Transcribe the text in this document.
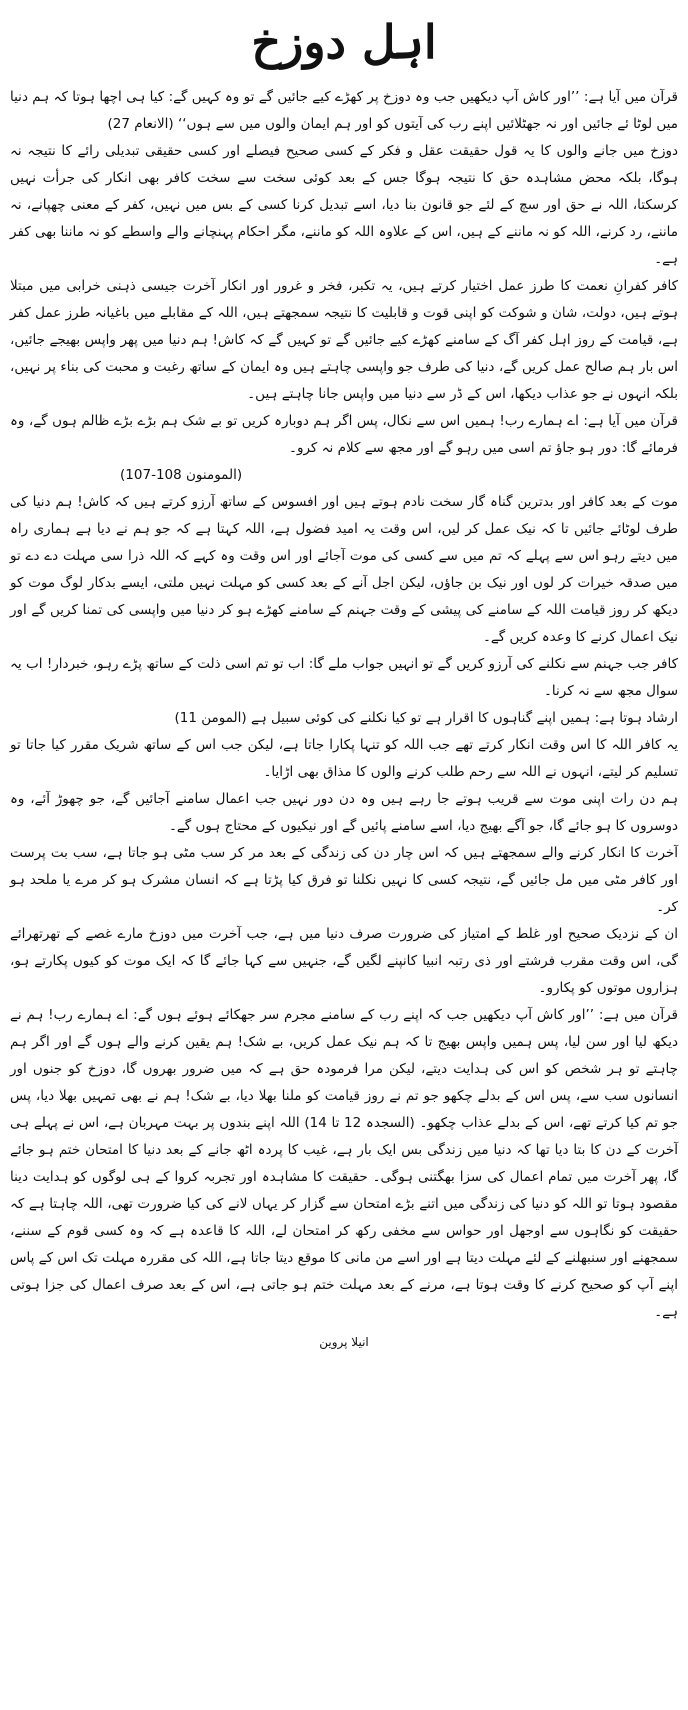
اہل دوزخ

قرآن میں آیا ہے: ’’اور کاش آپ دیکھیں جب وہ دوزخ پر کھڑے کیے جائیں گے تو وہ کہیں گے: کیا ہی اچھا ہوتا کہ ہم دنیا میں لوٹا ئے جائیں اور نہ جھٹلائیں اپنے رب کی آیتوں کو اور ہم ایمان والوں میں سے ہوں‘‘ (الانعام 27)

دوزخ میں جانے والوں کا یہ قول حقیقت عقل و فکر کے کسی صحیح فیصلے اور کسی حقیقی تبدیلی رائے کا نتیجہ نہ ہوگا، بلکہ محض مشاہدہ حق کا نتیجہ ہوگا جس کے بعد کوئی سخت سے سخت کافر بھی انکار کی جرأت نہیں کرسکتا، اللہ نے حق اور سچ کے لئے جو قانون بنا دیا، اسے تبدیل کرنا کسی کے بس میں نہیں، کفر کے معنی چھپانے، نہ ماننے، رد کرنے، اللہ کو نہ ماننے کے ہیں، اس کے علاوہ اللہ کو ماننے، مگر احکام پہنچانے والے واسطے کو نہ ماننا بھی کفر ہے۔

کافر کفرانِ نعمت کا طرز عمل اختیار کرتے ہیں، یہ تکبر، فخر و غرور اور انکار آخرت جیسی ذہنی خرابی میں مبتلا ہوتے ہیں، دولت، شان و شوکت کو اپنی قوت و قابلیت کا نتیجہ سمجھتے ہیں، اللہ کے مقابلے میں باغیانہ طرز عمل کفر ہے، قیامت کے روز اہل کفر آگ کے سامنے کھڑے کیے جائیں گے تو کہیں گے کہ کاش! ہم دنیا میں پھر واپس بھیجے جائیں، اس بار ہم صالح عمل کریں گے، دنیا کی طرف جو واپسی چاہتے ہیں وہ ایمان کے ساتھ رغبت و محبت کی بناء پر نہیں، بلکہ انہوں نے جو عذاب دیکھا، اس کے ڈر سے دنیا میں واپس جانا چاہتے ہیں۔

قرآن میں آیا ہے: اے ہمارے رب! ہمیں اس سے نکال، پس اگر ہم دوبارہ کریں تو بے شک ہم بڑے بڑے ظالم ہوں گے، وہ فرمائے گا: دور ہو جاؤ تم اسی میں رہو گے اور مجھ سے کلام نہ کرو۔

(المومنون 108-107)

موت کے بعد کافر اور بدترین گناہ گار سخت نادم ہوتے ہیں اور افسوس کے ساتھ آرزو کرتے ہیں کہ کاش! ہم دنیا کی طرف لوٹائے جائیں تا کہ نیک عمل کر لیں، اس وقت یہ امید فضول ہے، اللہ کہتا ہے کہ جو ہم نے دیا ہے ہماری راہ میں دیتے رہو اس سے پہلے کہ تم میں سے کسی کی موت آجائے اور اس وقت وہ کہے کہ اللہ ذرا سی مہلت دے دے تو میں صدقہ خیرات کر لوں اور نیک بن جاؤں، لیکن اجل آنے کے بعد کسی کو مہلت نہیں ملتی، ایسے بدکار لوگ موت کو دیکھ کر روز قیامت اللہ کے سامنے کی پیشی کے وقت جہنم کے سامنے کھڑے ہو کر دنیا میں واپسی کی تمنا کریں گے اور نیک اعمال کرنے کا وعدہ کریں گے۔

کافر جب جہنم سے نکلنے کی آرزو کریں گے تو انہیں جواب ملے گا: اب تو تم اسی ذلت کے ساتھ پڑے رہو، خبردار! اب یہ سوال مجھ سے نہ کرنا۔

ارشاد ہوتا ہے: ہمیں اپنے گناہوں کا اقرار ہے تو کیا نکلنے کی کوئی سبیل ہے (المومن 11)

یہ کافر اللہ کا اس وقت انکار کرتے تھے جب اللہ کو تنہا پکارا جاتا ہے، لیکن جب اس کے ساتھ شریک مقرر کیا جاتا تو تسلیم کر لیتے، انہوں نے اللہ سے رحم طلب کرنے والوں کا مذاق بھی اڑایا۔

ہم دن رات اپنی موت سے قریب ہوتے جا رہے ہیں وہ دن دور نہیں جب اعمال سامنے آجائیں گے، جو چھوڑ آئے، وہ دوسروں کا ہو جائے گا، جو آگے بھیج دیا، اسے سامنے پائیں گے اور نیکیوں کے محتاج ہوں گے۔

آخرت کا انکار کرنے والے سمجھتے ہیں کہ اس چار دن کی زندگی کے بعد مر کر سب مٹی ہو جاتا ہے، سب بت پرست اور کافر مٹی میں مل جائیں گے، نتیجہ کسی کا نہیں نکلنا تو فرق کیا پڑتا ہے کہ انسان مشرک ہو کر مرے یا ملحد ہو کر۔

ان کے نزدیک صحیح اور غلط کے امتیاز کی ضرورت صرف دنیا میں ہے، جب آخرت میں دوزخ مارے غصے کے تھرتھرائے گی، اس وقت مقرب فرشتے اور ذی رتبہ انبیا کانپنے لگیں گے، جنہیں سے کہا جائے گا کہ ایک موت کو کیوں پکارتے ہو، ہزاروں موتوں کو پکارو۔

قرآن میں ہے: ’’اور کاش آپ دیکھیں جب کہ اپنے رب کے سامنے مجرم سر جھکائے ہوئے ہوں گے: اے ہمارے رب! ہم نے دیکھ لیا اور سن لیا، پس ہمیں واپس بھیج تا کہ ہم نیک عمل کریں، بے شک! ہم یقین کرنے والے ہوں گے اور اگر ہم چاہتے تو ہر شخص کو اس کی ہدایت دیتے، لیکن مرا فرمودہ حق ہے کہ میں ضرور بھروں گا، دوزخ کو جنوں اور انسانوں سب سے، پس اس کے بدلے چکھو جو تم نے روز قیامت کو ملنا بھلا دیا، بے شک! ہم نے بھی تمہیں بھلا دیا، پس جو تم کیا کرتے تھے، اس کے بدلے عذاب چکھو۔ (السجدہ 12 تا 14) اللہ اپنے بندوں پر بہت مہربان ہے، اس نے پہلے ہی آخرت کے دن کا بتا دیا تھا کہ دنیا میں زندگی بس ایک بار ہے، غیب کا پردہ اٹھ جانے کے بعد دنیا کا امتحان ختم ہو جائے گا، پھر آخرت میں تمام اعمال کی سزا بھگتنی ہوگی۔ حقیقت کا مشاہدہ اور تجربہ کروا کے ہی لوگوں کو ہدایت دینا مقصود ہوتا تو اللہ کو دنیا کی زندگی میں اتنے بڑے امتحان سے گزار کر یہاں لانے کی کیا ضرورت تھی، اللہ چاہتا ہے کہ حقیقت کو نگاہوں سے اوجھل اور حواس سے مخفی رکھ کر امتحان لے، اللہ کا قاعدہ ہے کہ وہ کسی قوم کے سننے، سمجھنے اور سنبھلنے کے لئے مہلت دیتا ہے اور اسے من مانی کا موقع دیتا جاتا ہے، اللہ کی مقررہ مہلت تک اس کے پاس اپنے آپ کو صحیح کرنے کا وقت ہوتا ہے، مرنے کے بعد مہلت ختم ہو جاتی ہے، اس کے بعد صرف اعمال کی جزا ہوتی ہے۔

انیلا پروین
